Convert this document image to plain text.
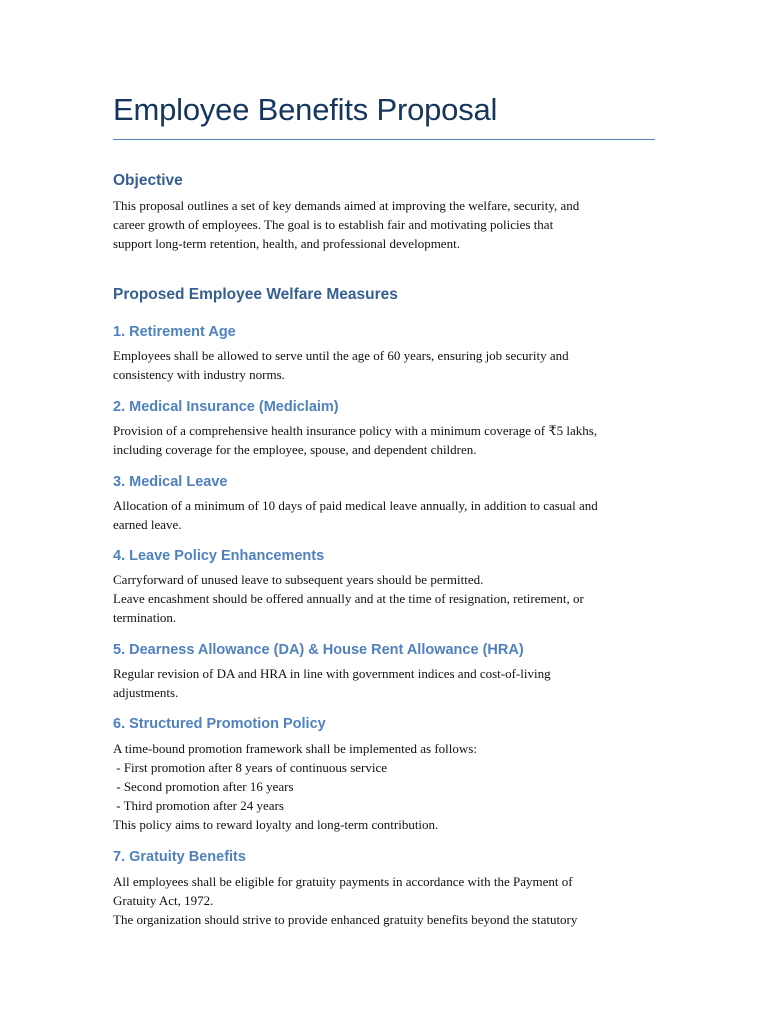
Employee Benefits Proposal
Objective

This proposal outlines a set of key demands aimed at improving the welfare, security, and
career growth of employees. The goal is to establish fair and motivating policies that
support long-term retention, health, and professional development.

Proposed Employee Welfare Measures
1. Retirement Age

Employees shall be allowed to serve until the age of 60 years, ensuring job security and
consistency with industry norms.

2. Medical Insurance (Mediclaim)

Provision of a comprehensive health insurance policy with a minimum coverage of ₹5 lakhs,
including coverage for the employee, spouse, and dependent children.

3. Medical Leave

Allocation of a minimum of 10 days of paid medical leave annually, in addition to casual and
earned leave.

4. Leave Policy Enhancements

Carryforward of unused leave to subsequent years should be permitted.
Leave encashment should be offered annually and at the time of resignation, retirement, or
termination.

5. Dearness Allowance (DA) & House Rent Allowance (HRA)

Regular revision of DA and HRA in line with government indices and cost-of-living
adjustments.

6. Structured Promotion Policy

A time-bound promotion framework shall be implemented as follows:
- First promotion after 8 years of continuous service
- Second promotion after 16 years
- Third promotion after 24 years
This policy aims to reward loyalty and long-term contribution.

7. Gratuity Benefits

All employees shall be eligible for gratuity payments in accordance with the Payment of
Gratuity Act, 1972.
The organization should strive to provide enhanced gratuity benefits beyond the statutory
